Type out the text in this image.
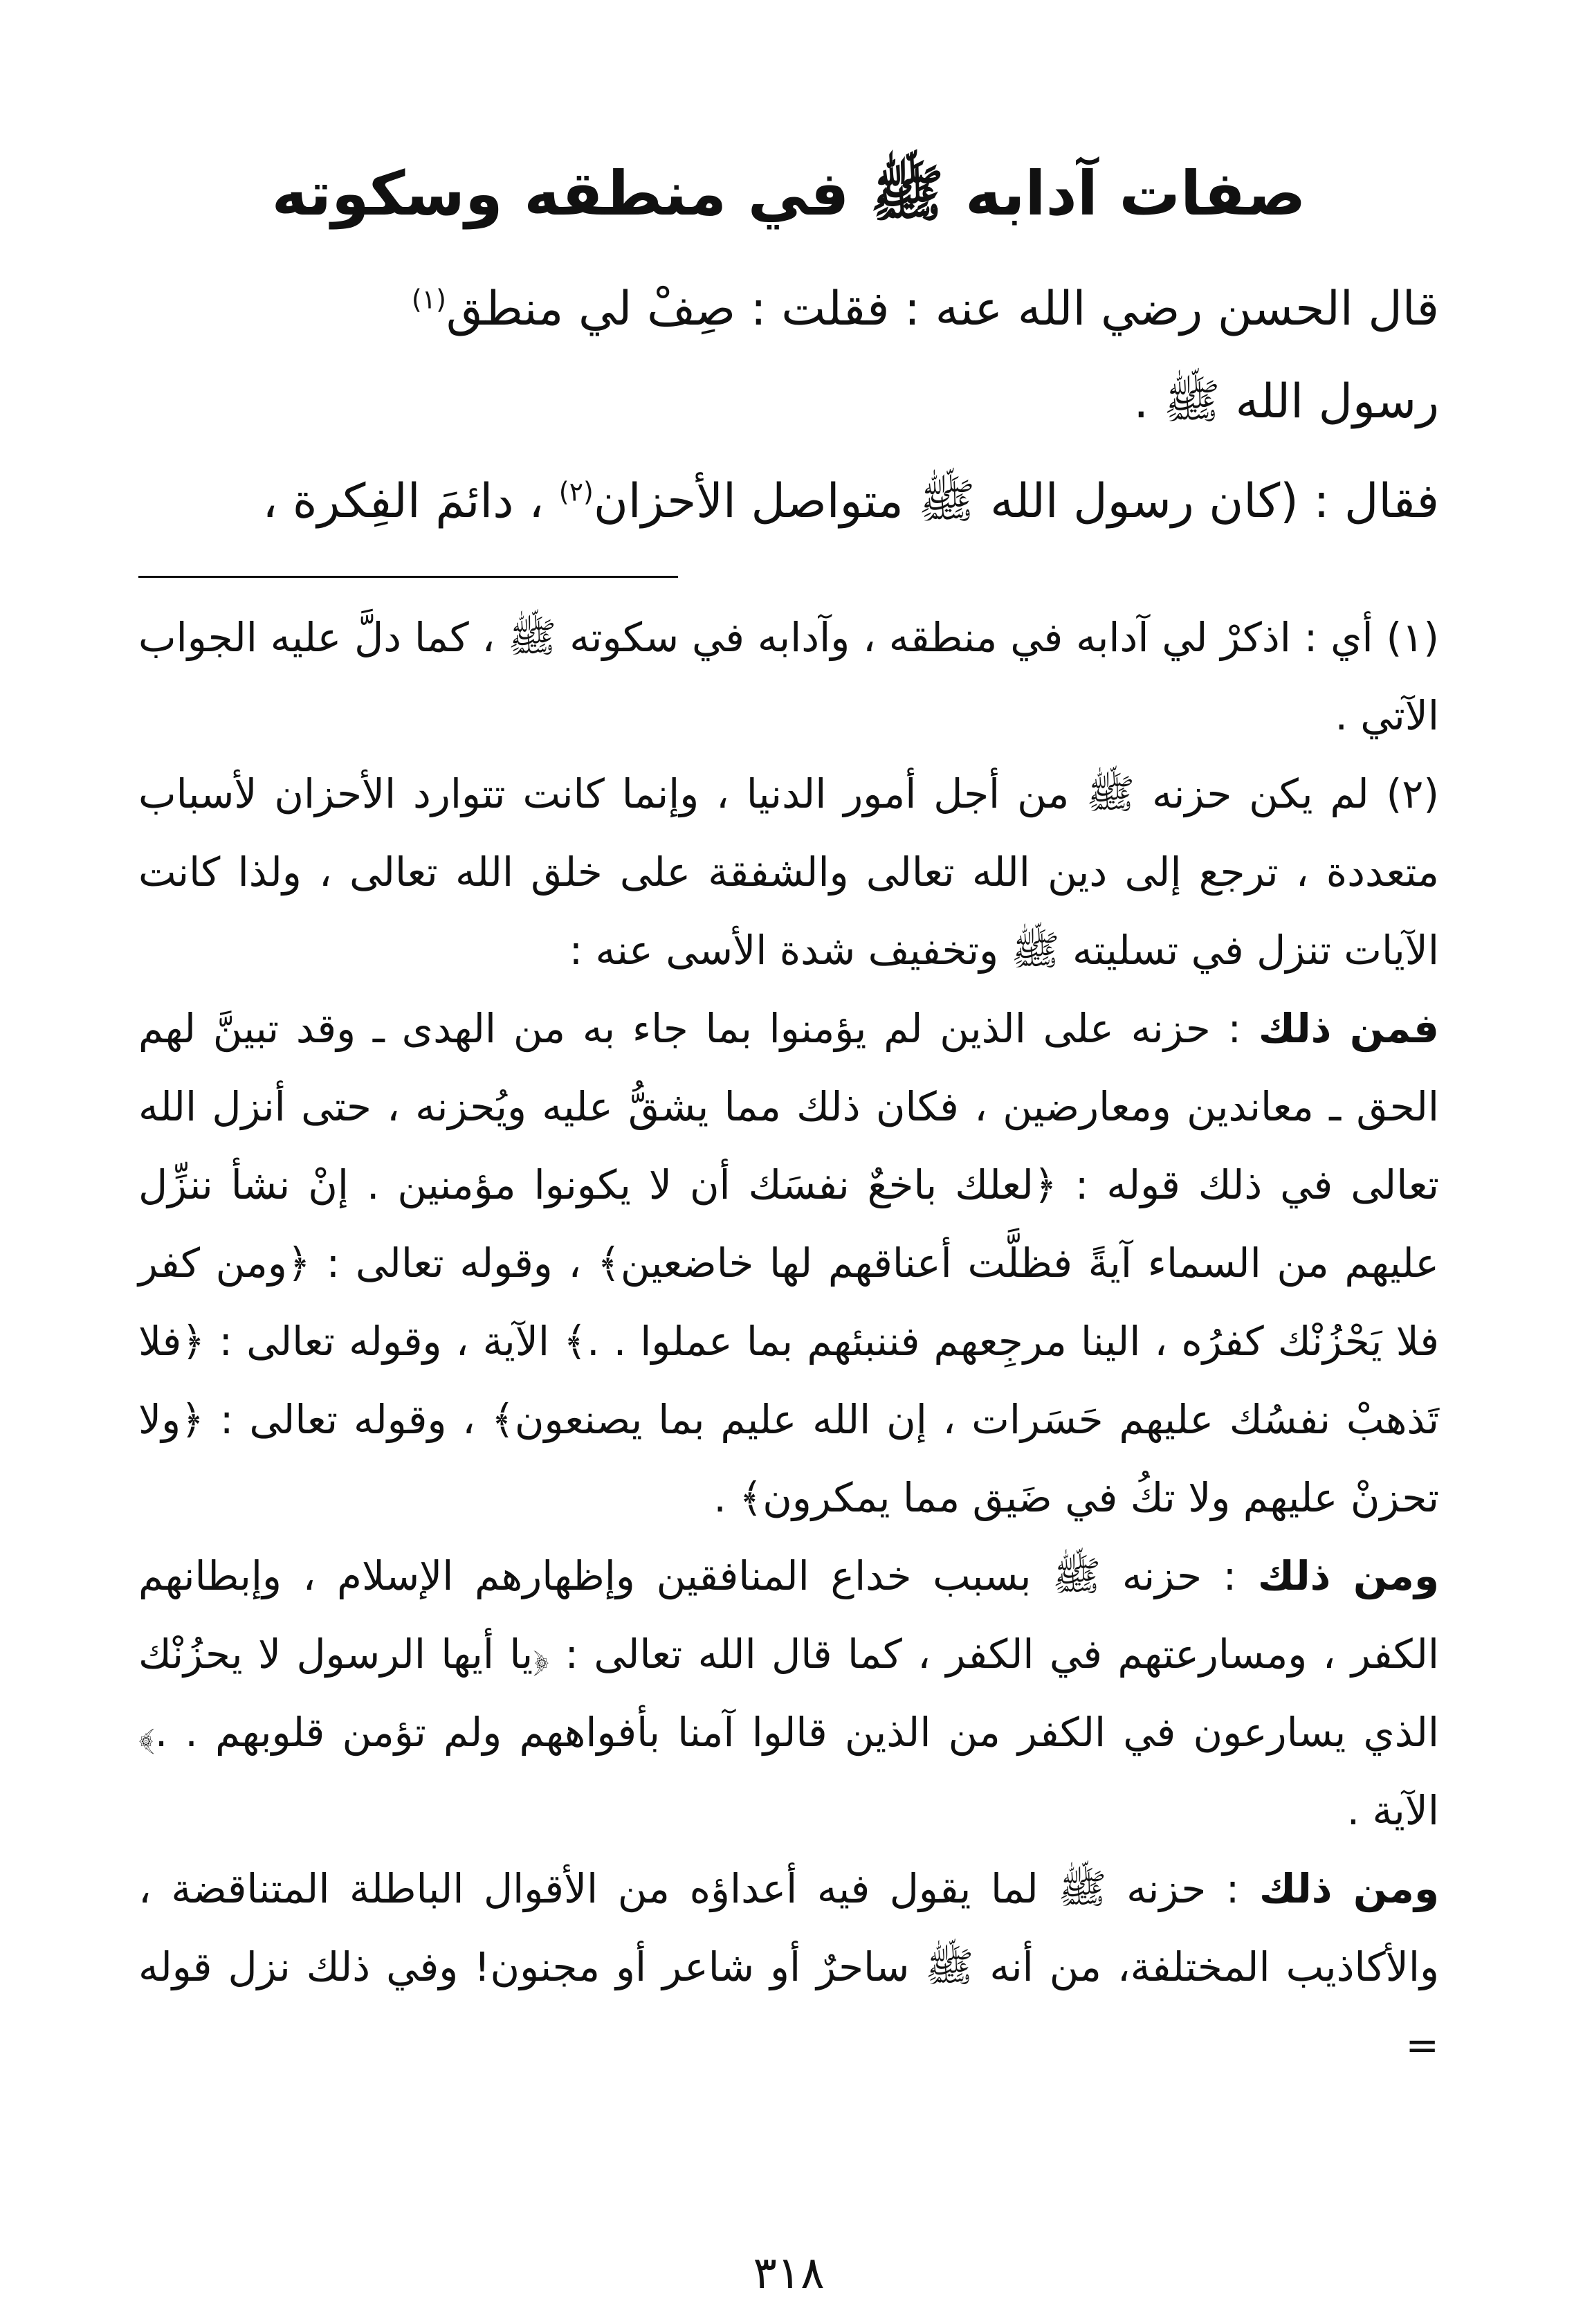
صفات آدابه ﷺ في منطقه وسكوته

قال الحسن رضي الله عنه : فقلت : صِفْ لي منطق$^{(١)}$
رسول الله ﷺ .

فقال : (كان رسول الله ﷺ متواصل الأحزان$^{(٢)}$ ، دائمَ الفِكرة ،

(١) أي : اذكرْ لي آدابه في منطقه ، وآدابه في سكوته ﷺ ، كما دلَّ عليه الجواب الآتي .

(٢) لم يكن حزنه ﷺ من أجل أمور الدنيا ، وإنما كانت تتوارد الأحزان لأسباب متعددة ، ترجع إلى دين الله تعالى والشفقة على خلق الله تعالى ، ولذا كانت الآيات تنزل في تسليته ﷺ وتخفيف شدة الأسى عنه :

فمن ذلك : حزنه على الذين لم يؤمنوا بما جاء به من الهدى ـ وقد تبينَّ لهم الحق ـ معاندين ومعارضين ، فكان ذلك مما يشقُّ عليه ويُحزنه ، حتى أنزل الله تعالى في ذلك قوله : ﴿لعلك باخعٌ نفسَك أن لا يكونوا مؤمنين . إنْ نشأ ننزِّل عليهم من السماء آيةً فظلَّت أعناقهم لها خاضعين﴾ ، وقوله تعالى : ﴿ومن كفر فلا يَحْزُنْك كفرُه ، الينا مرجِعهم فننبئهم بما عملوا . .﴾ الآية ، وقوله تعالى : ﴿فلا تَذهبْ نفسُك عليهم حَسَرات ، إن الله عليم بما يصنعون﴾ ، وقوله تعالى : ﴿ولا تحزنْ عليهم ولا تكُ في ضَيق مما يمكرون﴾ .

ومن ذلك : حزنه ﷺ بسبب خداع المنافقين وإظهارهم الإسلام ، وإبطانهم الكفر ، ومسارعتهم في الكفر ، كما قال الله تعالى : ﴿يا أيها الرسول لا يحزُنْك الذي يسارعون في الكفر من الذين قالوا آمنا بأفواههم ولم تؤمن قلوبهم . .﴾ الآية .

ومن ذلك : حزنه ﷺ لما يقول فيه أعداؤه من الأقوال الباطلة المتناقضة ، والأكاذيب المختلفة، من أنه ﷺ ساحرٌ أو شاعر أو مجنون! وفي ذلك نزل قوله =

٣١٨
